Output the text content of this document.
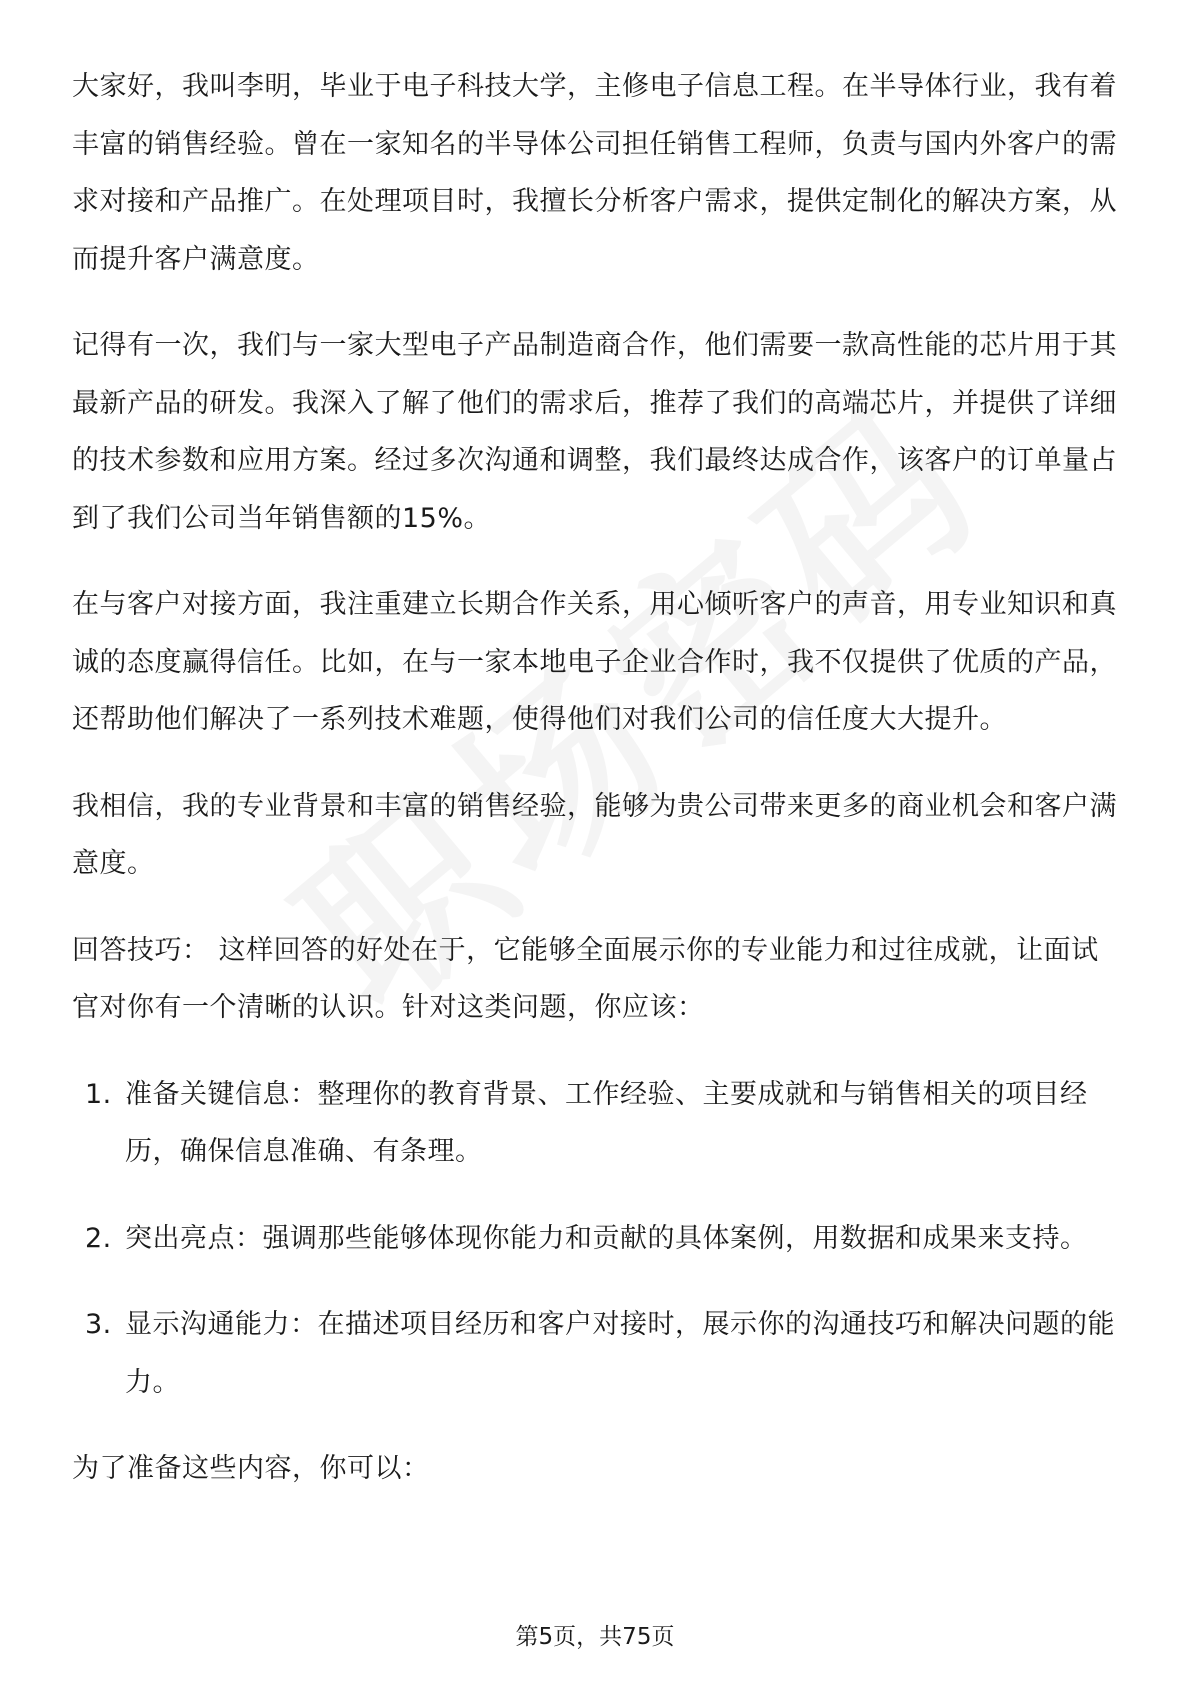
大家好，我叫李明，毕业于电子科技大学，主修电子信息工程。在半导体行业，我有着丰富的销售经验。曾在一家知名的半导体公司担任销售工程师，负责与国内外客户的需求对接和产品推广。在处理项目时，我擅长分析客户需求，提供定制化的解决方案，从而提升客户满意度。

记得有一次，我们与一家大型电子产品制造商合作，他们需要一款高性能的芯片用于其最新产品的研发。我深入了解了他们的需求后，推荐了我们的高端芯片，并提供了详细的技术参数和应用方案。经过多次沟通和调整，我们最终达成合作，该客户的订单量占到了我们公司当年销售额的15%。

在与客户对接方面，我注重建立长期合作关系，用心倾听客户的声音，用专业知识和真诚的态度赢得信任。比如，在与一家本地电子企业合作时，我不仅提供了优质的产品，还帮助他们解决了一系列技术难题，使得他们对我们公司的信任度大大提升。

我相信，我的专业背景和丰富的销售经验，能够为贵公司带来更多的商业机会和客户满意度。

回答技巧： 这样回答的好处在于，它能够全面展示你的专业能力和过往成就，让面试官对你有一个清晰的认识。针对这类问题，你应该：

1. 准备关键信息：整理你的教育背景、工作经验、主要成就和与销售相关的项目经历，确保信息准确、有条理。
2. 突出亮点：强调那些能够体现你能力和贡献的具体案例，用数据和成果来支持。
3. 显示沟通能力：在描述项目经历和客户对接时，展示你的沟通技巧和解决问题的能力。

为了准备这些内容，你可以：

第5页，共75页
